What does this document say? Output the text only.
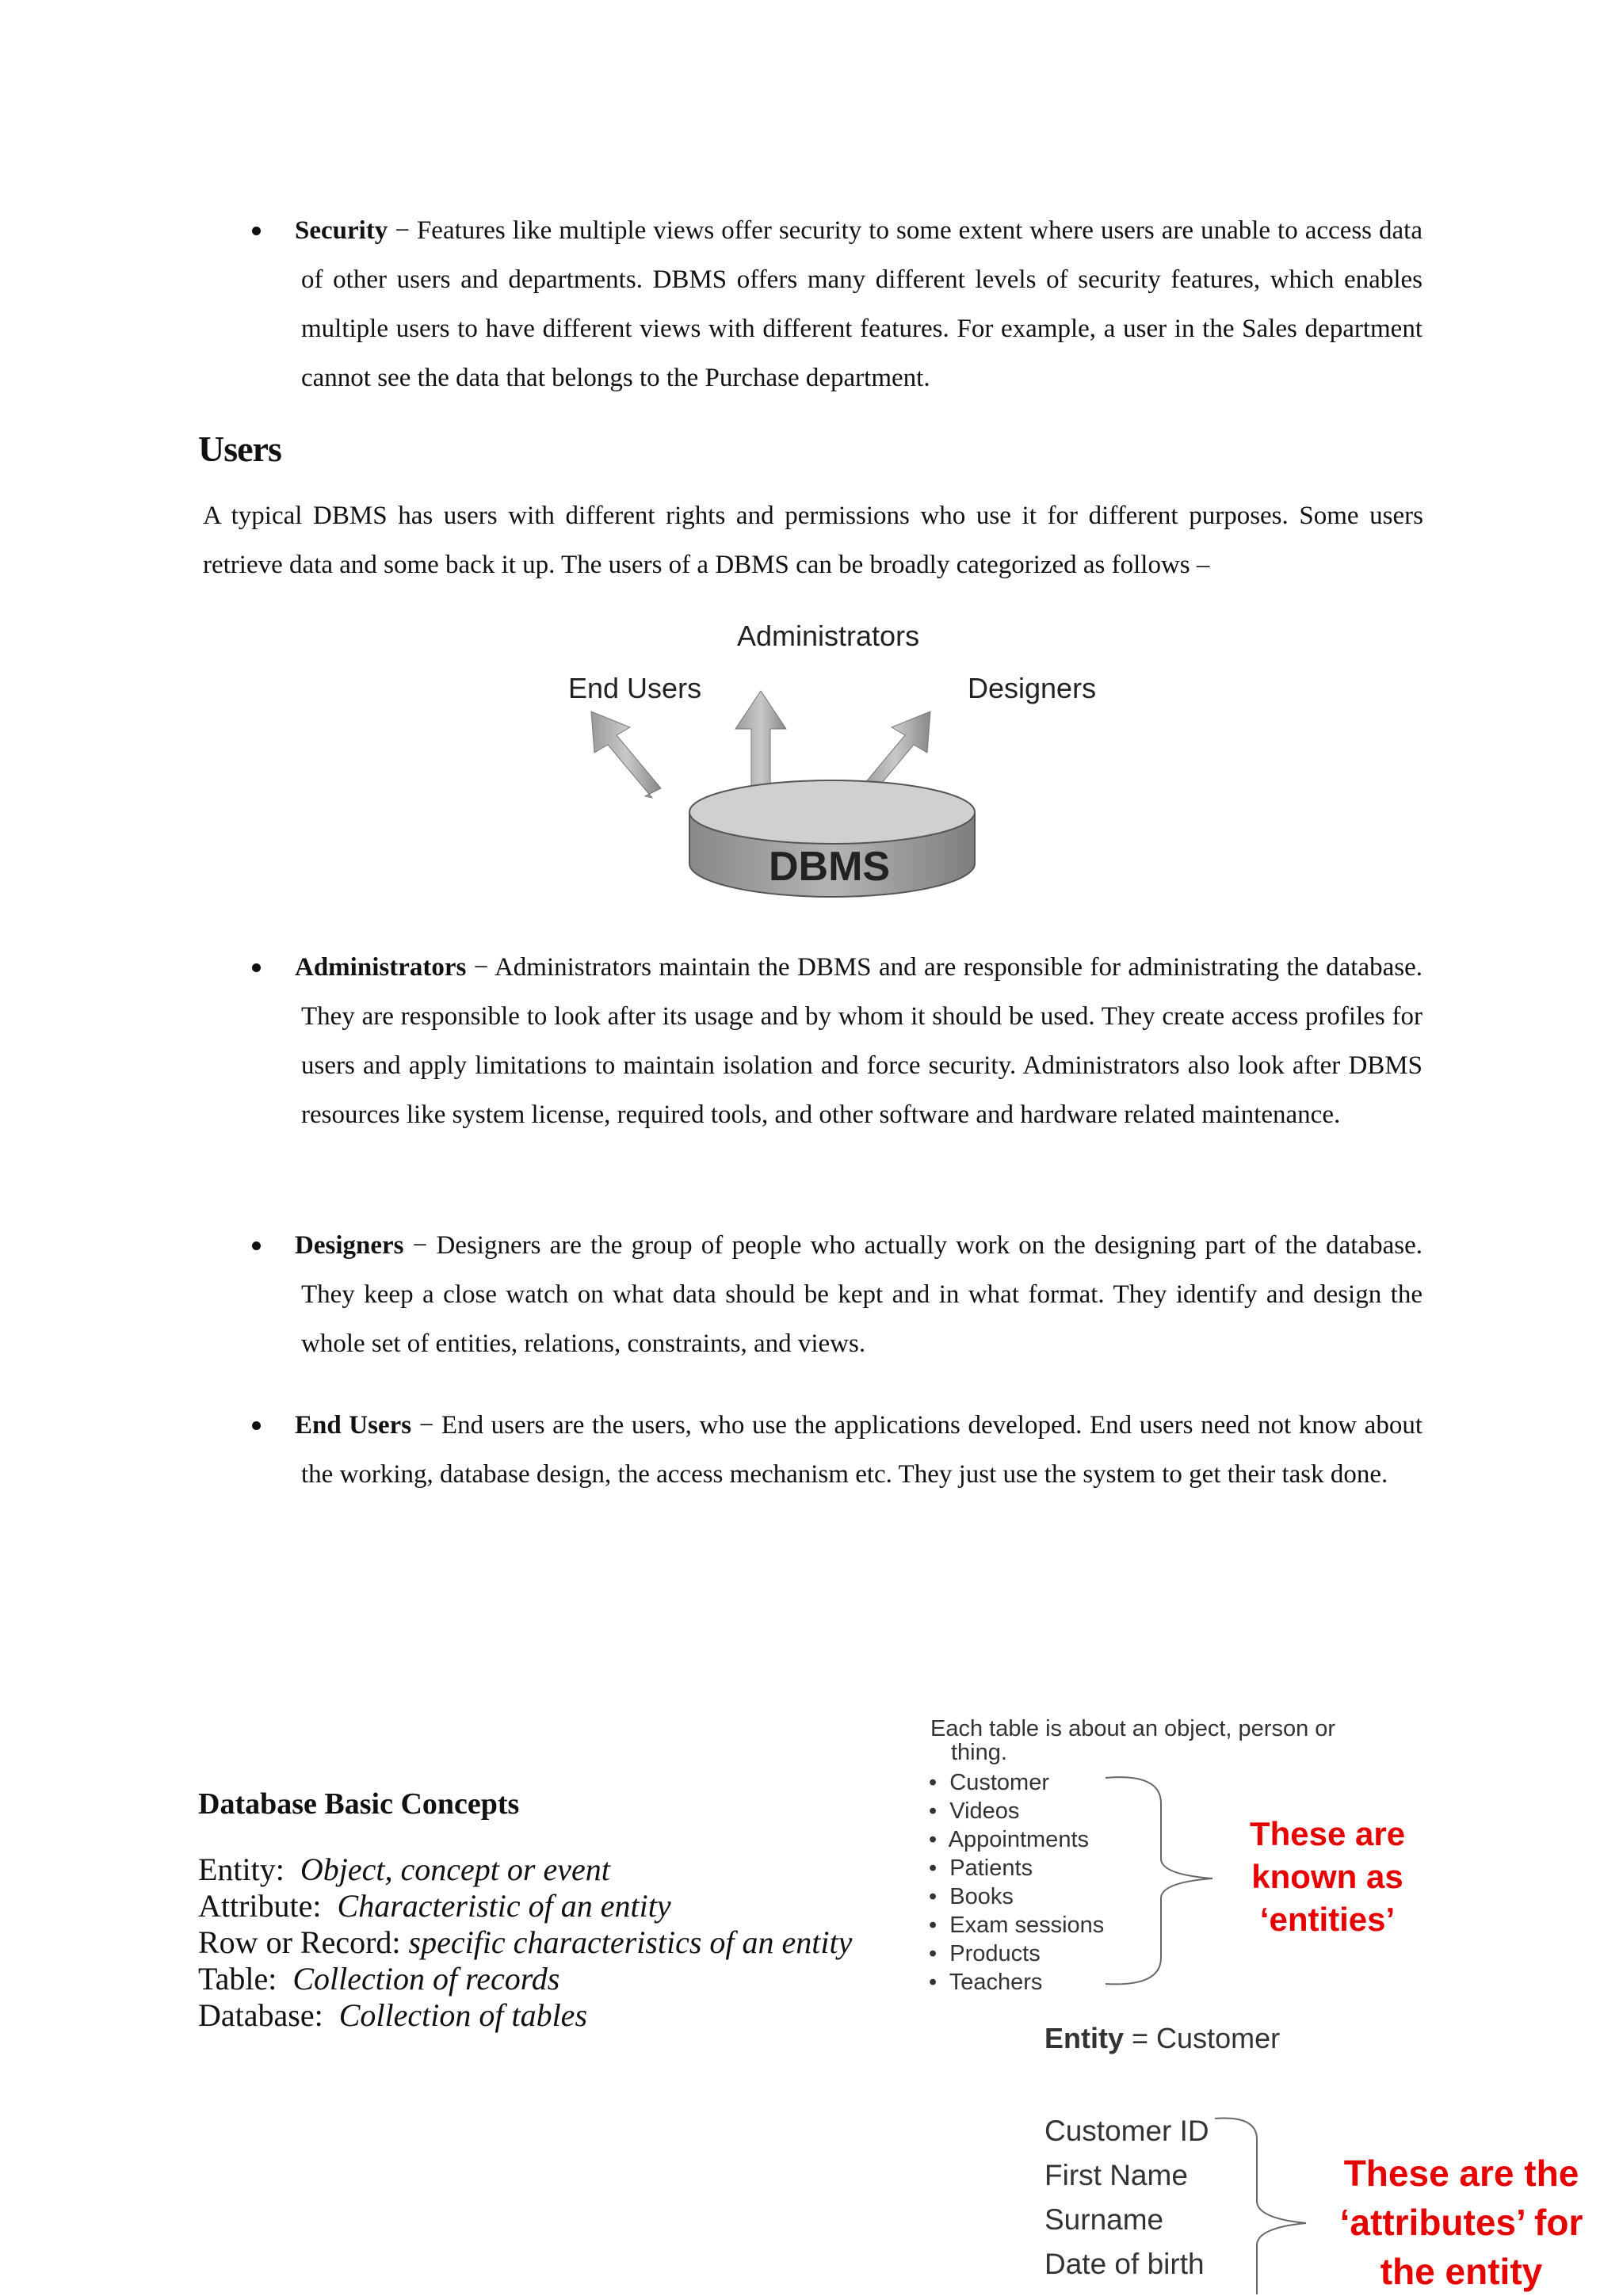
Security − Features like multiple views offer security to some extent where users are unable to access data of other users and departments. DBMS offers many different levels of security features, which enables multiple users to have different views with different features. For example, a user in the Sales department cannot see the data that belongs to the Purchase department.

Users

A typical DBMS has users with different rights and permissions who use it for different purposes. Some users retrieve data and some back it up. The users of a DBMS can be broadly categorized as follows –

Administrators
End Users	Designers
DBMS

Administrators − Administrators maintain the DBMS and are responsible for administrating the database. They are responsible to look after its usage and by whom it should be used. They create access profiles for users and apply limitations to maintain isolation and force security. Administrators also look after DBMS resources like system license, required tools, and other software and hardware related maintenance.

Designers − Designers are the group of people who actually work on the designing part of the database. They keep a close watch on what data should be kept and in what format. They identify and design the whole set of entities, relations, constraints, and views.

End Users − End users are the users, who use the applications developed. End users need not know about the working, database design, the access mechanism etc. They just use the system to get their task done.

Database Basic Concepts
Entity: Object, concept or event
Attribute: Characteristic of an entity
Row or Record: specific characteristics of an entity
Table: Collection of records
Database: Collection of tables
Each table is about an object, person or
thing.
•  Customer
•  Videos
•  Appointments
•  Patients
•  Books
•  Exam sessions
•  Products
•  Teachers
These are
known as
‘entities’
Entity = Customer
Customer ID
First Name
Surname
Date of birth
These are the
‘attributes’ for
the entity
